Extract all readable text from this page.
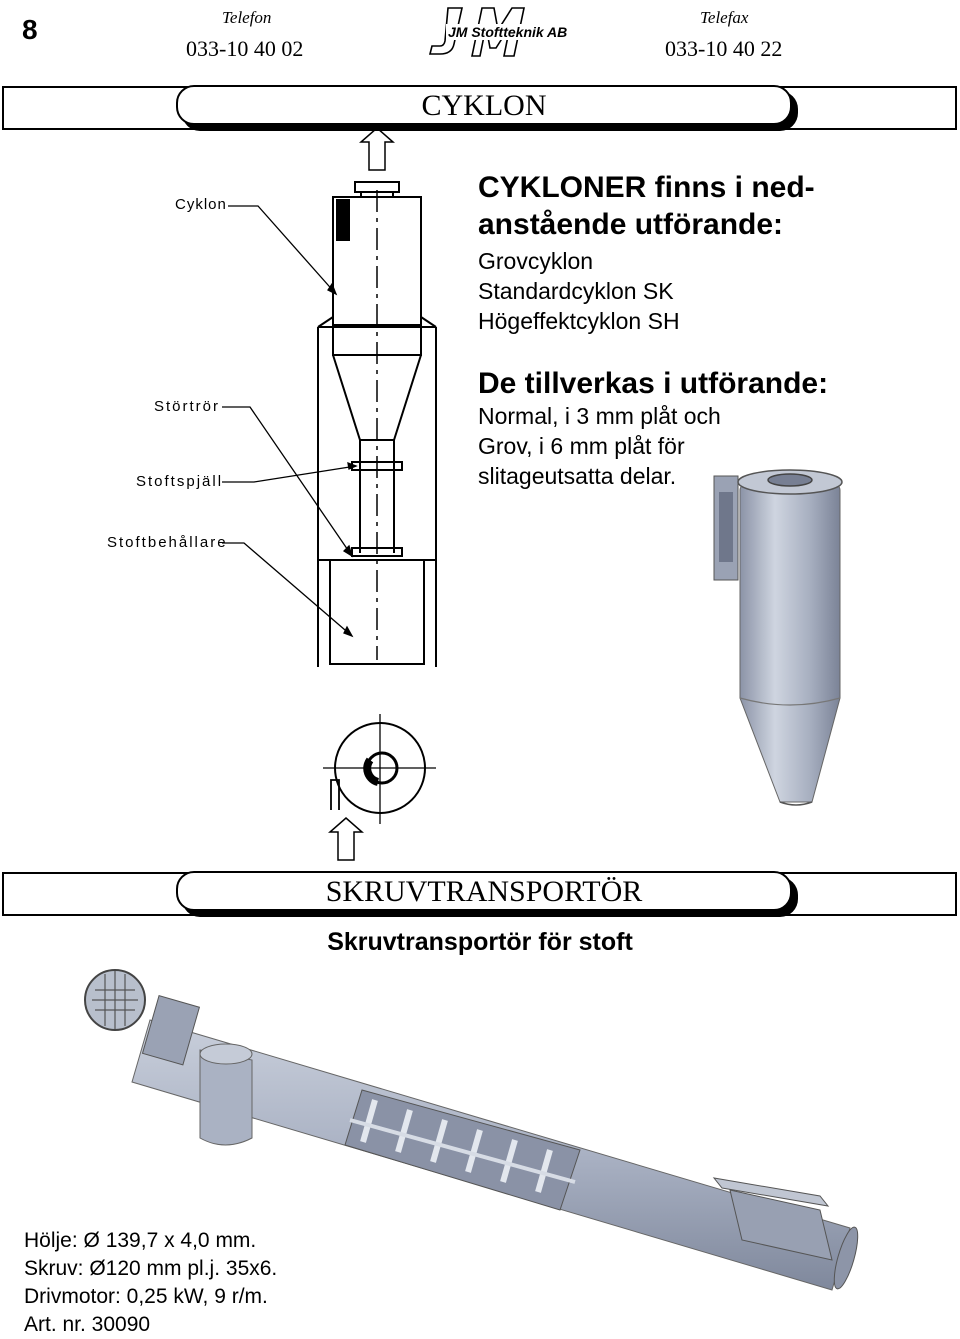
8	Telefon
033-10 40 02
Telefax
033-10 40 22
JM Stoftteknik AB
CYKLON
Cyklon
Störtrör
Stoftspjäll
Stoftbehållare
CYKLONER finns i ned-
anstående utförande:
Grovcyklon
Standardcyklon SK
Högeffektcyklon SH
De tillverkas i utförande:
Normal, i 3 mm plåt och
Grov, i 6 mm plåt för
slitageutsatta delar.
SKRUVTRANSPORTÖR
Skruvtransportör för stoft
Hölje: Ø 139,7 x 4,0 mm.
Skruv: Ø120 mm pl.j. 35x6.
Drivmotor: 0,25 kW, 9 r/m.
Art. nr. 30090
